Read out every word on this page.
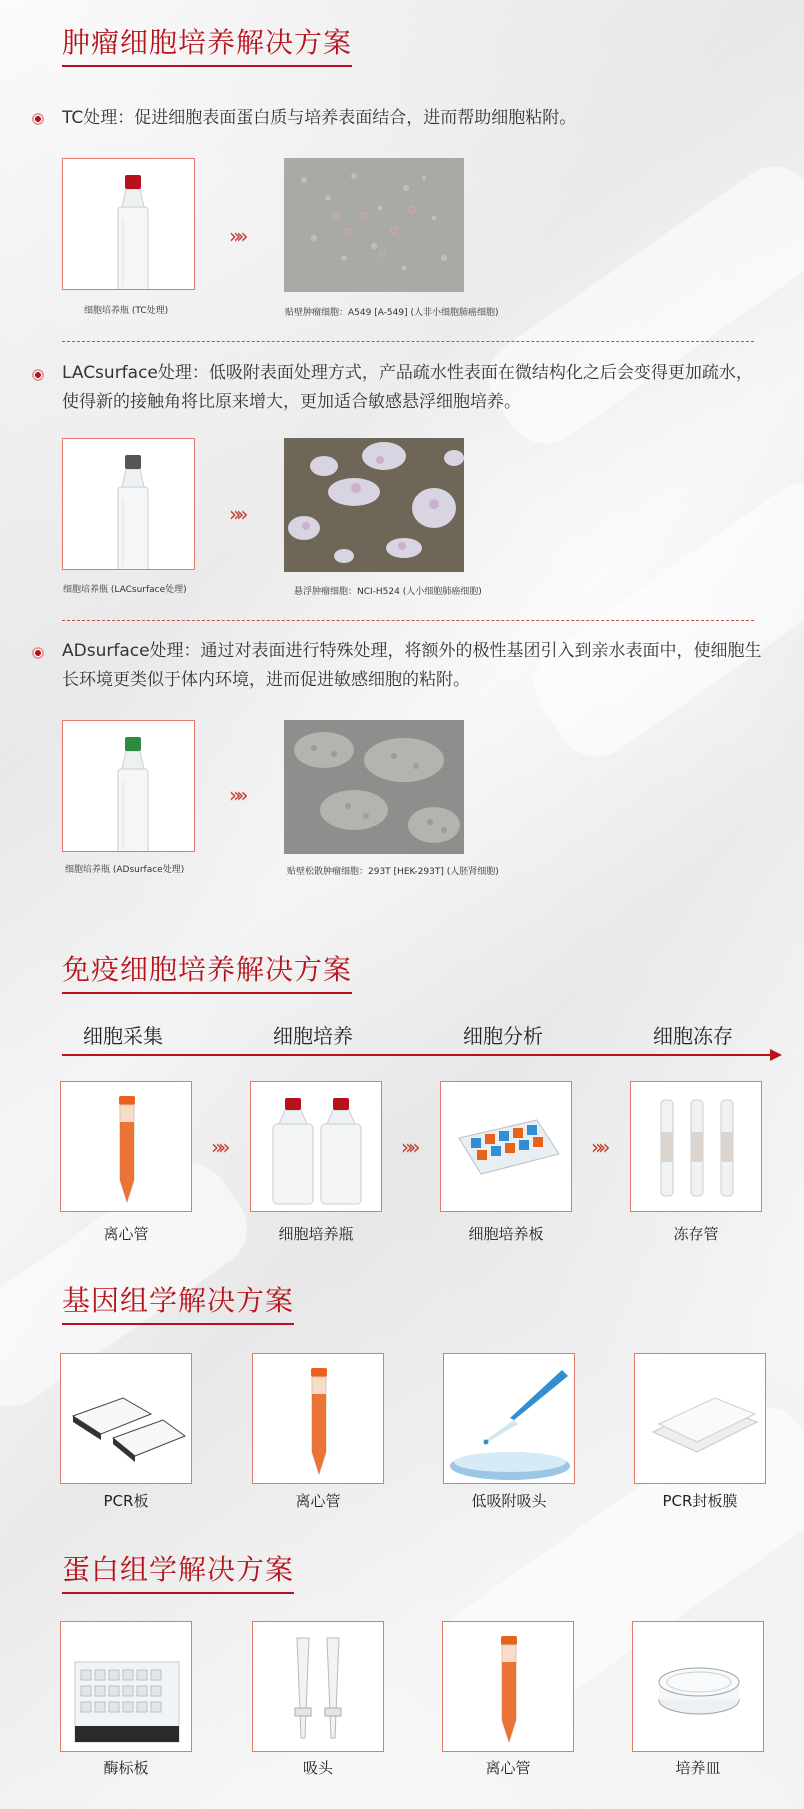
肿瘤细胞培养解决方案
TC处理：促进细胞表面蛋白质与培养表面结合，进而帮助细胞粘附。
»»
细胞培养瓶 (TC处理)	贴壁肿瘤细胞：A549 [A-549] (人非小细胞肺癌细胞)
LACsurface处理：低吸附表面处理方式，产品疏水性表面在微结构化之后会变得更加疏水，使得新的接触角将比原来增大，更加适合敏感悬浮细胞培养。
»»
细胞培养瓶 (LACsurface处理)	悬浮肿瘤细胞：NCI-H524 (人小细胞肺癌细胞)
ADsurface处理：通过对表面进行特殊处理，将额外的极性基团引入到亲水表面中，使细胞生长环境更类似于体内环境，进而促进敏感细胞的粘附。
»»
细胞培养瓶 (ADsurface处理)	贴壁松散肿瘤细胞：293T [HEK-293T] (人胚肾细胞)
免疫细胞培养解决方案
细胞采集	细胞培养	细胞分析	细胞冻存
»»	»»	»»
离心管	细胞培养瓶	细胞培养板	冻存管
基因组学解决方案
PCR板	离心管	低吸附吸头	PCR封板膜
蛋白组学解决方案
酶标板	吸头	离心管	培养皿
